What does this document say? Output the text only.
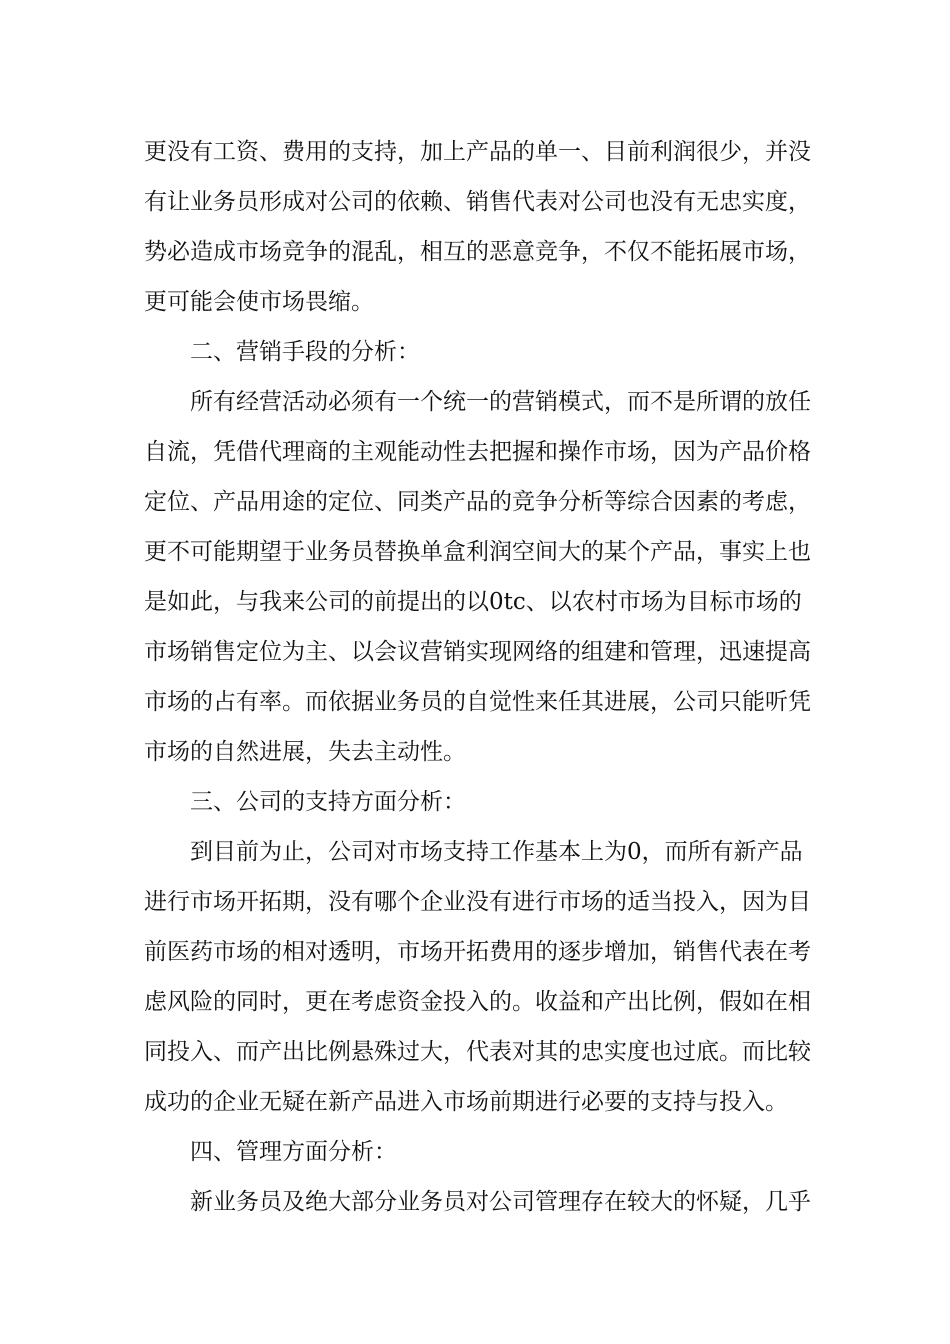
更没有工资、费用的支持，加上产品的单一、目前利润很少，并没
有让业务员形成对公司的依赖、销售代表对公司也没有无忠实度，
势必造成市场竞争的混乱，相互的恶意竞争，不仅不能拓展市场，
更可能会使市场畏缩。
二、营销手段的分析：
所有经营活动必须有一个统一的营销模式，而不是所谓的放任
自流，凭借代理商的主观能动性去把握和操作市场，因为产品价格
定位、产品用途的定位、同类产品的竞争分析等综合因素的考虑，
更不可能期望于业务员替换单盒利润空间大的某个产品，事实上也
是如此，与我来公司的前提出的以0tc、以农村市场为目标市场的
市场销售定位为主、以会议营销实现网络的组建和管理，迅速提高
市场的占有率。而依据业务员的自觉性来任其进展，公司只能听凭
市场的自然进展，失去主动性。
三、公司的支持方面分析：
到目前为止，公司对市场支持工作基本上为0，而所有新产品
进行市场开拓期，没有哪个企业没有进行市场的适当投入，因为目
前医药市场的相对透明，市场开拓费用的逐步增加，销售代表在考
虑风险的同时，更在考虑资金投入的。收益和产出比例，假如在相
同投入、而产出比例悬殊过大，代表对其的忠实度也过底。而比较
成功的企业无疑在新产品进入市场前期进行必要的支持与投入。
四、管理方面分析：
新业务员及绝大部分业务员对公司管理存在较大的怀疑，几乎
